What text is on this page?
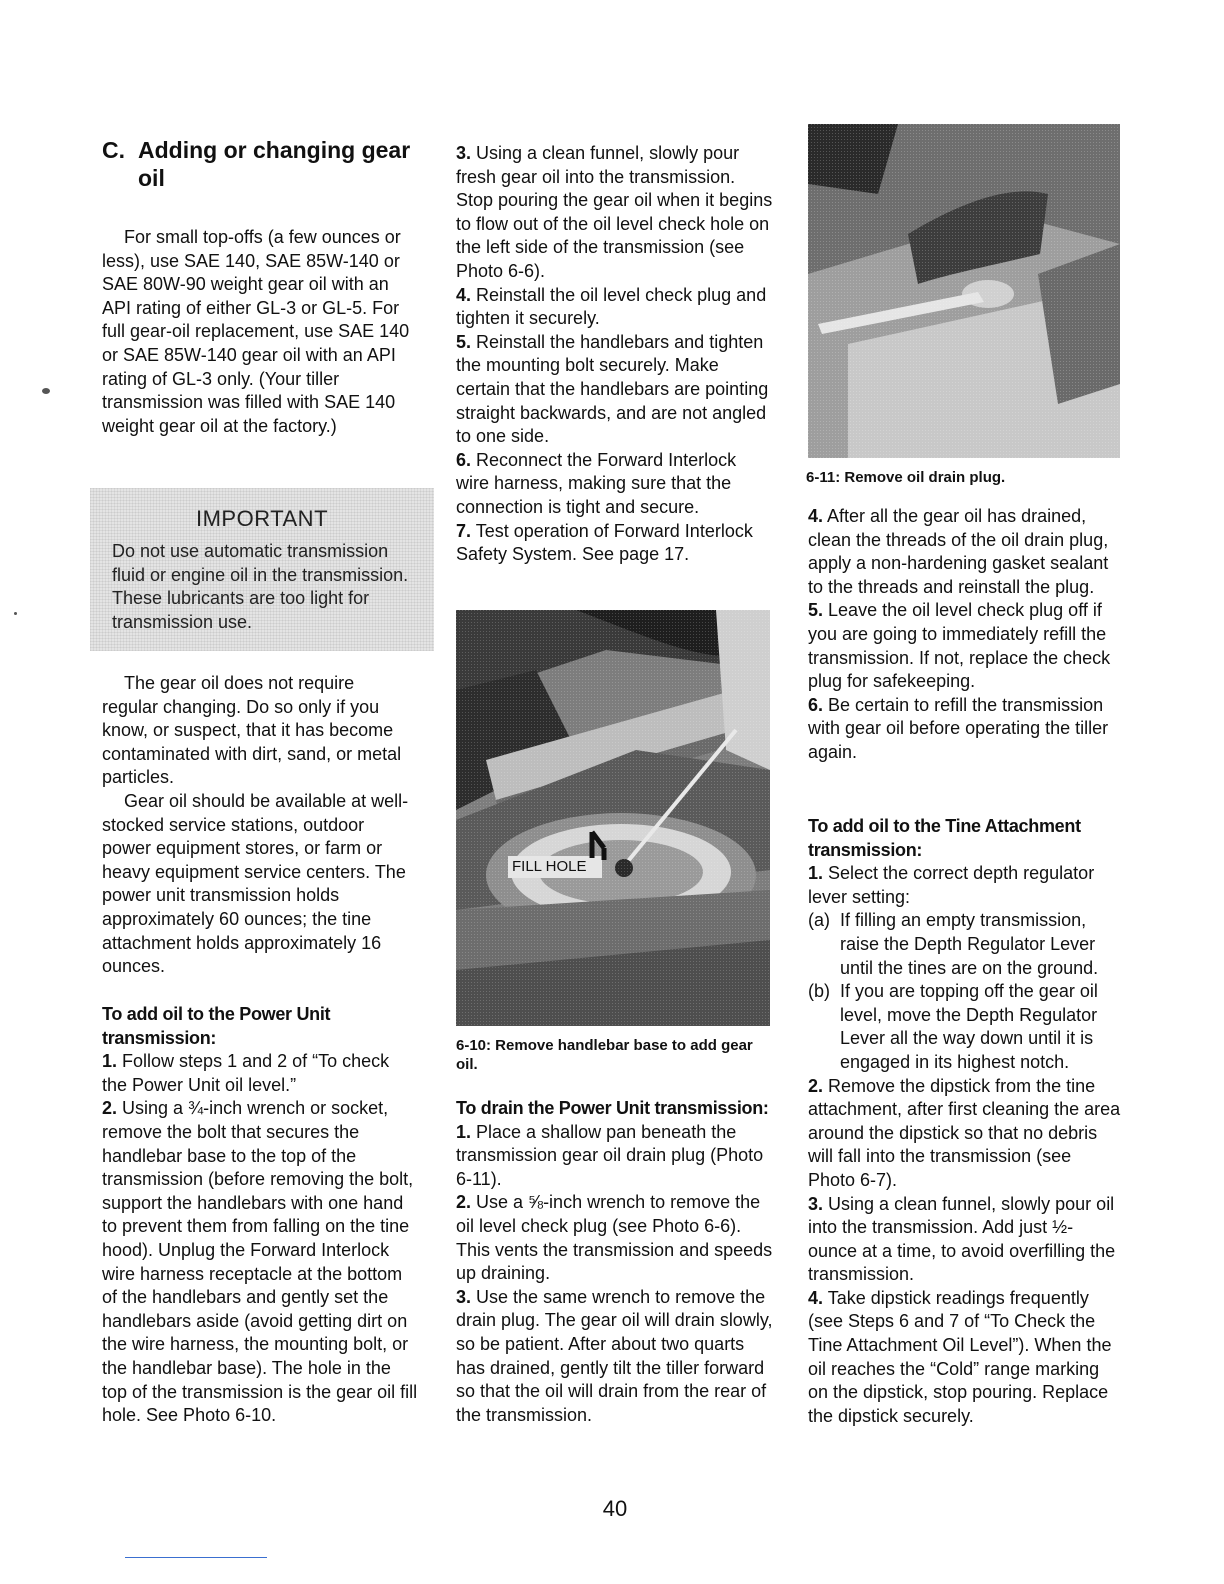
C. Adding or changing gear
oil

For small top-offs (a few ounces or less), use SAE 140, SAE 85W-140 or SAE 80W-90 weight gear oil with an API rating of either GL-3 or GL-5. For full gear-oil replacement, use SAE 140 or SAE 85W-140 gear oil with an API rating of GL-3 only. (Your tiller transmission was filled with SAE 140 weight gear oil at the factory.)

IMPORTANT
Do not use automatic transmission fluid or engine oil in the transmission. These lubricants are too light for transmission use.

The gear oil does not require regular changing. Do so only if you know, or suspect, that it has become contaminated with dirt, sand, or metal particles.

Gear oil should be available at well-stocked service stations, outdoor power equipment stores, or farm or heavy equipment service centers. The power unit transmission holds approximately 60 ounces; the tine attachment holds approximately 16 ounces.

To add oil to the Power Unit transmission:
1. Follow steps 1 and 2 of “To check the Power Unit oil level.”
2. Using a ¾-inch wrench or socket, remove the bolt that secures the handlebar base to the top of the transmission (before removing the bolt, support the handlebars with one hand to prevent them from falling on the tine hood). Unplug the Forward Interlock wire harness receptacle at the bottom of the handlebars and gently set the handlebars aside (avoid getting dirt on the wire harness, the mounting bolt, or the handlebar base). The hole in the top of the transmission is the gear oil fill hole. See Photo 6-10.
3. Using a clean funnel, slowly pour fresh gear oil into the transmission. Stop pouring the gear oil when it begins to flow out of the oil level check hole on the left side of the transmission (see Photo 6-6).
4. Reinstall the oil level check plug and tighten it securely.
5. Reinstall the handlebars and tighten the mounting bolt securely. Make certain that the handlebars are pointing straight backwards, and are not angled to one side.
6. Reconnect the Forward Interlock wire harness, making sure that the connection is tight and secure.
7. Test operation of Forward Interlock Safety System. See page 17.
FILL HOLE
6-10: Remove handlebar base to add gear oil.
To drain the Power Unit transmission:
1. Place a shallow pan beneath the transmission gear oil drain plug (Photo 6-11).
2. Use a ⅝-inch wrench to remove the oil level check plug (see Photo 6-6). This vents the transmission and speeds up draining.
3. Use the same wrench to remove the drain plug. The gear oil will drain slowly, so be patient. After about two quarts has drained, gently tilt the tiller forward so that the oil will drain from the rear of the transmission.
6-11: Remove oil drain plug.
4. After all the gear oil has drained, clean the threads of the oil drain plug, apply a non-hardening gasket sealant to the threads and reinstall the plug.
5. Leave the oil level check plug off if you are going to immediately refill the transmission. If not, replace the check plug for safekeeping.
6. Be certain to refill the transmission with gear oil before operating the tiller again.
To add oil to the Tine Attachment transmission:
1. Select the correct depth regulator lever setting:
(a) If filling an empty transmission, raise the Depth Regulator Lever until the tines are on the ground.
(b) If you are topping off the gear oil level, move the Depth Regulator Lever all the way down until it is engaged in its highest notch.
2. Remove the dipstick from the tine attachment, after first cleaning the area around the dipstick so that no debris will fall into the transmission (see Photo 6-7).
3. Using a clean funnel, slowly pour oil into the transmission. Add just ½-ounce at a time, to avoid overfilling the transmission.
4. Take dipstick readings frequently (see Steps 6 and 7 of “To Check the Tine Attachment Oil Level”). When the oil reaches the “Cold” range marking on the dipstick, stop pouring. Replace the dipstick securely.
40
